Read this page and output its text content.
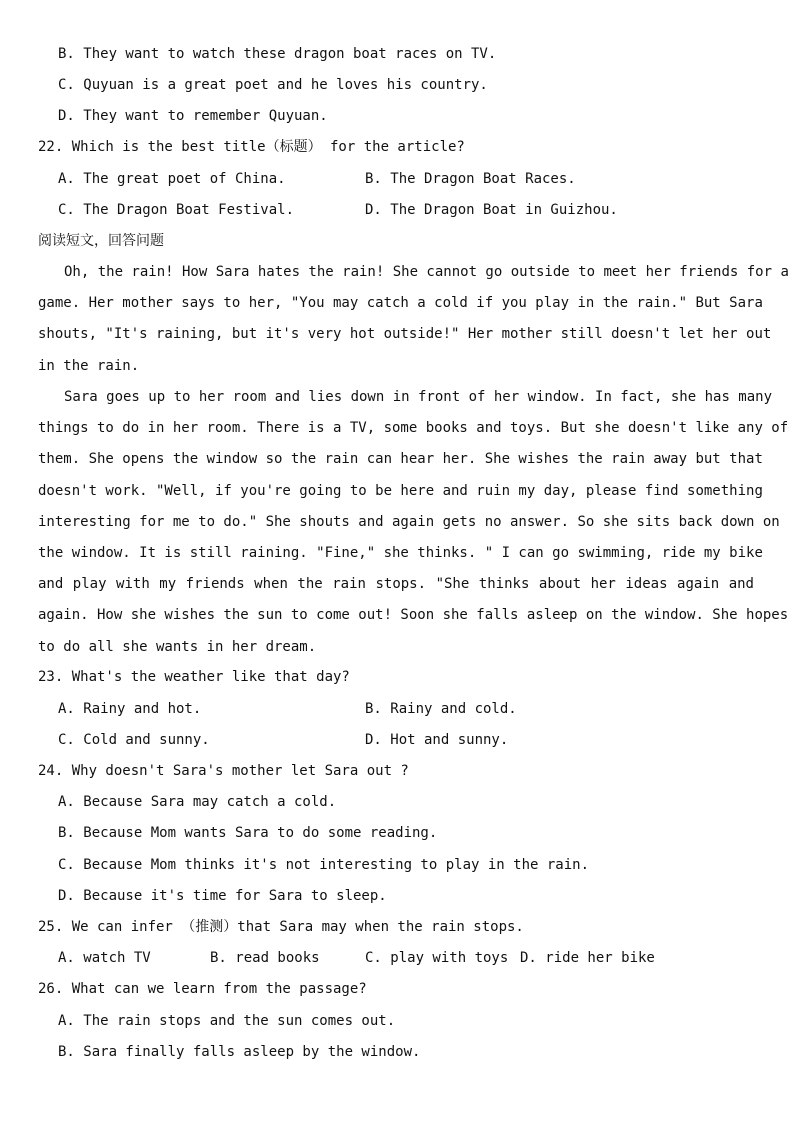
B. They want to watch these dragon boat races on TV.
C. Quyuan is a great poet and he loves his country.
D. They want to remember Quyuan.
22. Which is the best title（标题） for the article?
A. The great poet of China.	B. The Dragon Boat Races.
C. The Dragon Boat Festival.	D. The Dragon Boat in Guizhou.
阅读短文，回答问题
Oh, the rain! How Sara hates the rain! She cannot go outside to meet her friends for a
game. Her mother says to her, "You may catch a cold if you play in the rain." But Sara
shouts, "It's raining, but it's very hot outside!" Her mother still doesn't let her out
in the rain.
Sara goes up to her room and lies down in front of her window. In fact, she has many
things to do in her room. There is a TV, some books and toys. But she doesn't like any of
them. She opens the window so the rain can hear her. She wishes the rain away but that
doesn't work. "Well, if you're going to be here and ruin my day, please find something
interesting for me to do." She shouts and again gets no answer. So she sits back down on
the window. It is still raining. "Fine," she thinks. " I can go swimming, ride my bike
and play with my friends when the rain stops. "She thinks about her ideas again and
again. How she wishes the sun to come out! Soon she falls asleep on the window. She hopes
to do all she wants in her dream.
23. What's the weather like that day?
A. Rainy and hot.	B. Rainy and cold.
C. Cold and sunny.	D. Hot and sunny.
24. Why doesn't Sara's mother let Sara out ?
A. Because Sara may catch a cold.
B. Because Mom wants Sara to do some reading.
C. Because Mom thinks it's not interesting to play in the rain.
D. Because it's time for Sara to sleep.
25. We can infer （推测）that Sara may when the rain stops.
A. watch TV	B. read books	C. play with toys D. ride her bike
26. What can we learn from the passage?
A. The rain stops and the sun comes out.
B. Sara finally falls asleep by the window.
